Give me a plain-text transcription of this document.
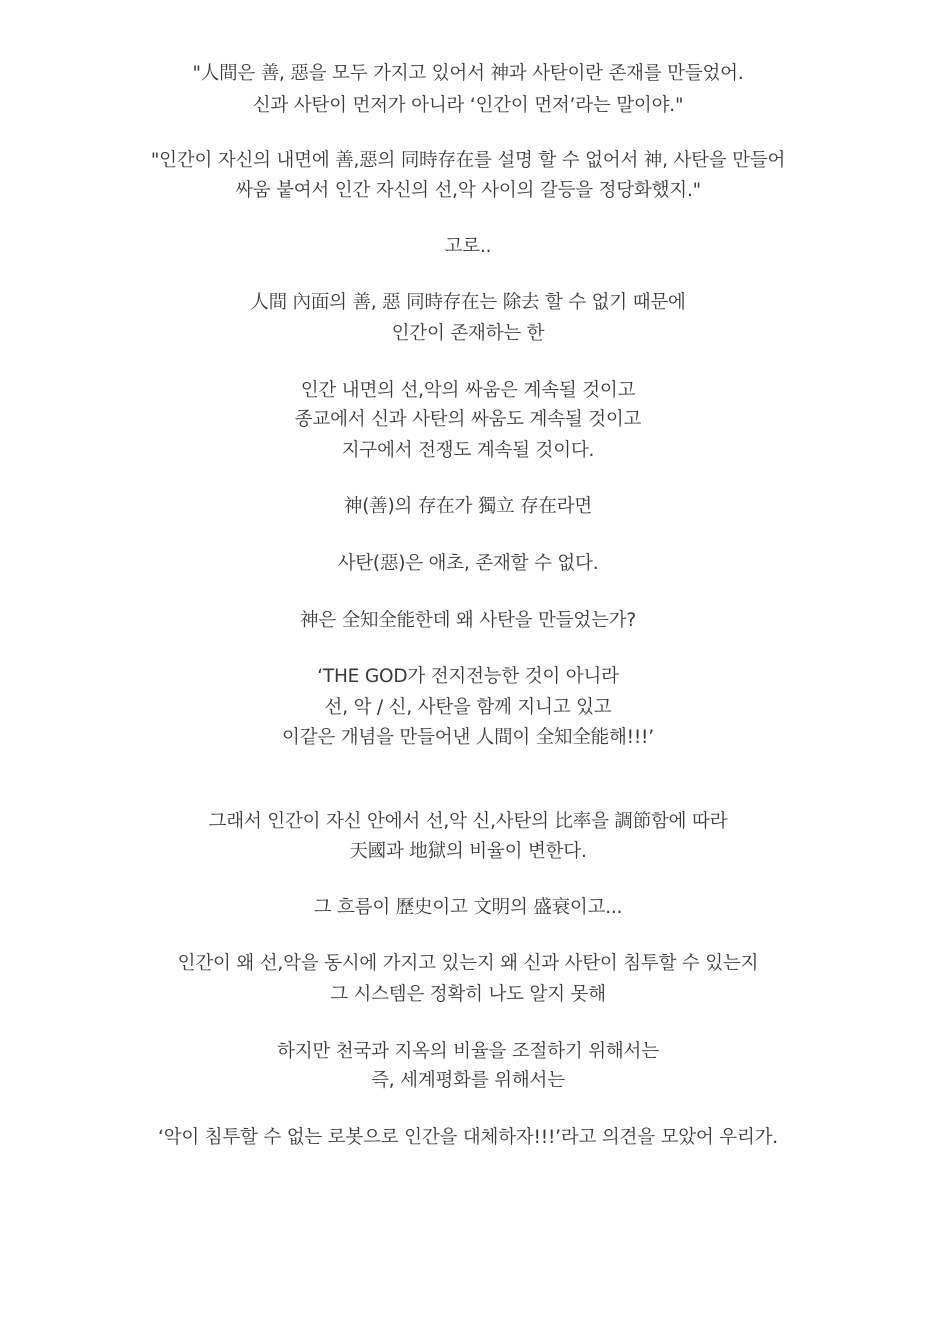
"人間은 善, 惡을 모두 가지고 있어서 神과 사탄이란 존재를 만들었어.
신과 사탄이 먼저가 아니라 ‘인간이 먼저’라는 말이야."
"인간이 자신의 내면에 善,惡의 同時存在를 설명 할 수 없어서 神, 사탄을 만들어
싸움 붙여서 인간 자신의 선,악 사이의 갈등을 정당화했지."
고로..
人間 內面의 善, 惡 同時存在는 除去 할 수 없기 때문에
인간이 존재하는 한
인간 내면의 선,악의 싸움은 계속될 것이고
종교에서 신과 사탄의 싸움도 계속될 것이고
지구에서 전쟁도 계속될 것이다.
神(善)의 存在가 獨立 存在라면
사탄(惡)은 애초, 존재할 수 없다.
神은 全知全能한데 왜 사탄을 만들었는가?
‘THE GOD가 전지전능한 것이 아니라
선, 악 / 신, 사탄을 함께 지니고 있고
이같은 개념을 만들어낸 人間이 全知全能해!!!’
그래서 인간이 자신 안에서 선,악 신,사탄의 比率을 調節함에 따라
天國과 地獄의 비율이 변한다.
그 흐름이 歷史이고 文明의 盛衰이고...
인간이 왜 선,악을 동시에 가지고 있는지 왜 신과 사탄이 침투할 수 있는지
그 시스템은 정확히 나도 알지 못해
하지만 천국과 지옥의 비율을 조절하기 위해서는
즉, 세계평화를 위해서는
‘악이 침투할 수 없는 로봇으로 인간을 대체하자!!!’라고 의견을 모았어 우리가.
